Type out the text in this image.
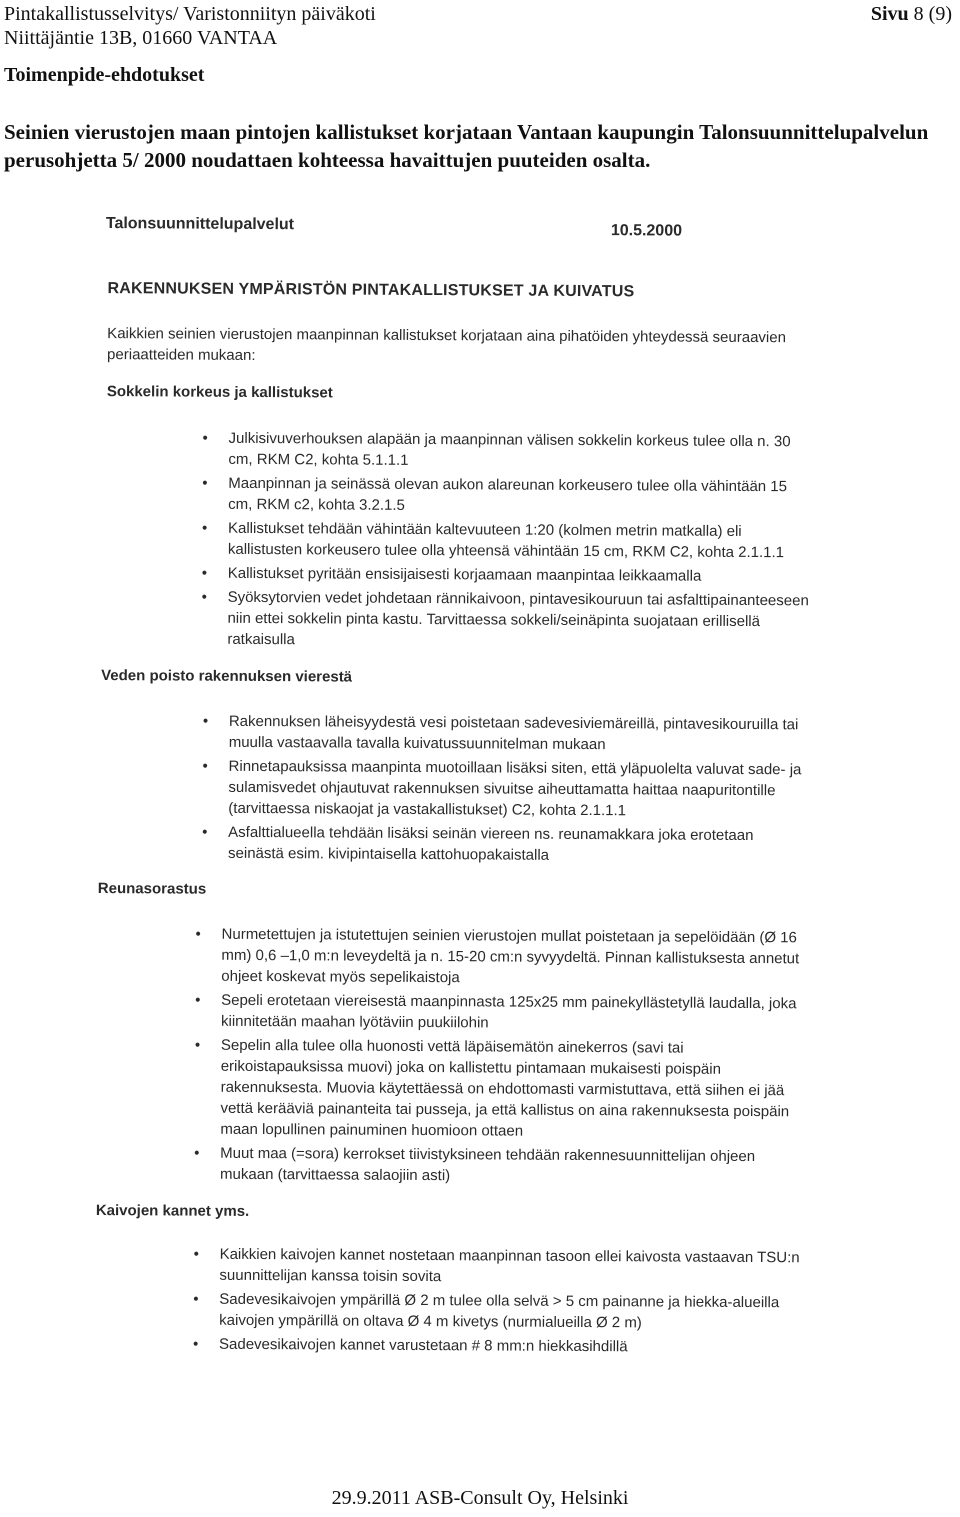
Pintakallistusselvitys/ Varistonniityn päiväkoti
Niittäjäntie 13B, 01660 VANTAA
Sivu 8 (9)
Toimenpide-ehdotukset
Seinien vierustojen maan pintojen kallistukset korjataan Vantaan kaupungin Talonsuunnittelupalvelun perusohjetta 5/ 2000 noudattaen kohteessa havaittujen puuteiden osalta.
Talonsuunnittelupalvelut	10.5.2000
RAKENNUKSEN YMPÄRISTÖN PINTAKALLISTUKSET JA KUIVATUS
Kaikkien seinien vierustojen maanpinnan kallistukset korjataan aina pihatöiden yhteydessä seuraavien periaatteiden mukaan:
Sokkelin korkeus ja kallistukset
• Julkisivuverhouksen alapään ja maanpinnan välisen sokkelin korkeus tulee olla n. 30 cm, RKM C2, kohta 5.1.1.1
• Maanpinnan ja seinässä olevan aukon alareunan korkeusero tulee olla vähintään 15 cm, RKM c2, kohta 3.2.1.5
• Kallistukset tehdään vähintään kaltevuuteen 1:20 (kolmen metrin matkalla) eli kallistusten korkeusero tulee olla yhteensä vähintään 15 cm, RKM C2, kohta 2.1.1.1
• Kallistukset pyritään ensisijaisesti korjaamaan maanpintaa leikkaamalla
• Syöksytorvien vedet johdetaan rännikaivoon, pintavesikouruun tai asfalttipainanteeseen niin ettei sokkelin pinta kastu. Tarvittaessa sokkeli/seinäpinta suojataan erillisellä ratkaisulla
Veden poisto rakennuksen vierestä
• Rakennuksen läheisyydestä vesi poistetaan sadevesiviemäreillä, pintavesikouruilla tai muulla vastaavalla tavalla kuivatussuunnitelman mukaan
• Rinnetapauksissa maanpinta muotoillaan lisäksi siten, että yläpuolelta valuvat sade- ja sulamisvedet ohjautuvat rakennuksen sivuitse aiheuttamatta haittaa naapuritontille (tarvittaessa niskaojat ja vastakallistukset) C2, kohta 2.1.1.1
• Asfalttialueella tehdään lisäksi seinän viereen ns. reunamakkara joka erotetaan seinästä esim. kivipintaisella kattohuopakaistalla
Reunasorastus
• Nurmetettujen ja istutettujen seinien vierustojen mullat poistetaan ja sepelöidään (Ø 16 mm) 0,6 –1,0 m:n leveydeltä ja n. 15-20 cm:n syvyydeltä. Pinnan kallistuksesta annetut ohjeet koskevat myös sepelikaistoja
• Sepeli erotetaan viereisestä maanpinnasta 125x25 mm painekyllästetyllä laudalla, joka kiinnitetään maahan lyötäviin puukiilohin
• Sepelin alla tulee olla huonosti vettä läpäisemätön ainekerros (savi tai erikoistapauksissa muovi) joka on kallistettu pintamaan mukaisesti poispäin rakennuksesta. Muovia käytettäessä on ehdottomasti varmistuttava, että siihen ei jää vettä kerääviä painanteita tai pusseja, ja että kallistus on aina rakennuksesta poispäin maan lopullinen painuminen huomioon ottaen
• Muut maa (=sora) kerrokset tiivistyksineen tehdään rakennesuunnittelijan ohjeen mukaan (tarvittaessa salaojiin asti)
Kaivojen kannet yms.
• Kaikkien kaivojen kannet nostetaan maanpinnan tasoon ellei kaivosta vastaavan TSU:n suunnittelijan kanssa toisin sovita
• Sadevesikaivojen ympärillä Ø 2 m tulee olla selvä > 5 cm painanne ja hiekka-alueilla kaivojen ympärillä on oltava Ø 4 m kivetys (nurmialueilla Ø 2 m)
• Sadevesikaivojen kannet varustetaan # 8 mm:n hiekkasihdillä
29.9.2011 ASB-Consult Oy, Helsinki
